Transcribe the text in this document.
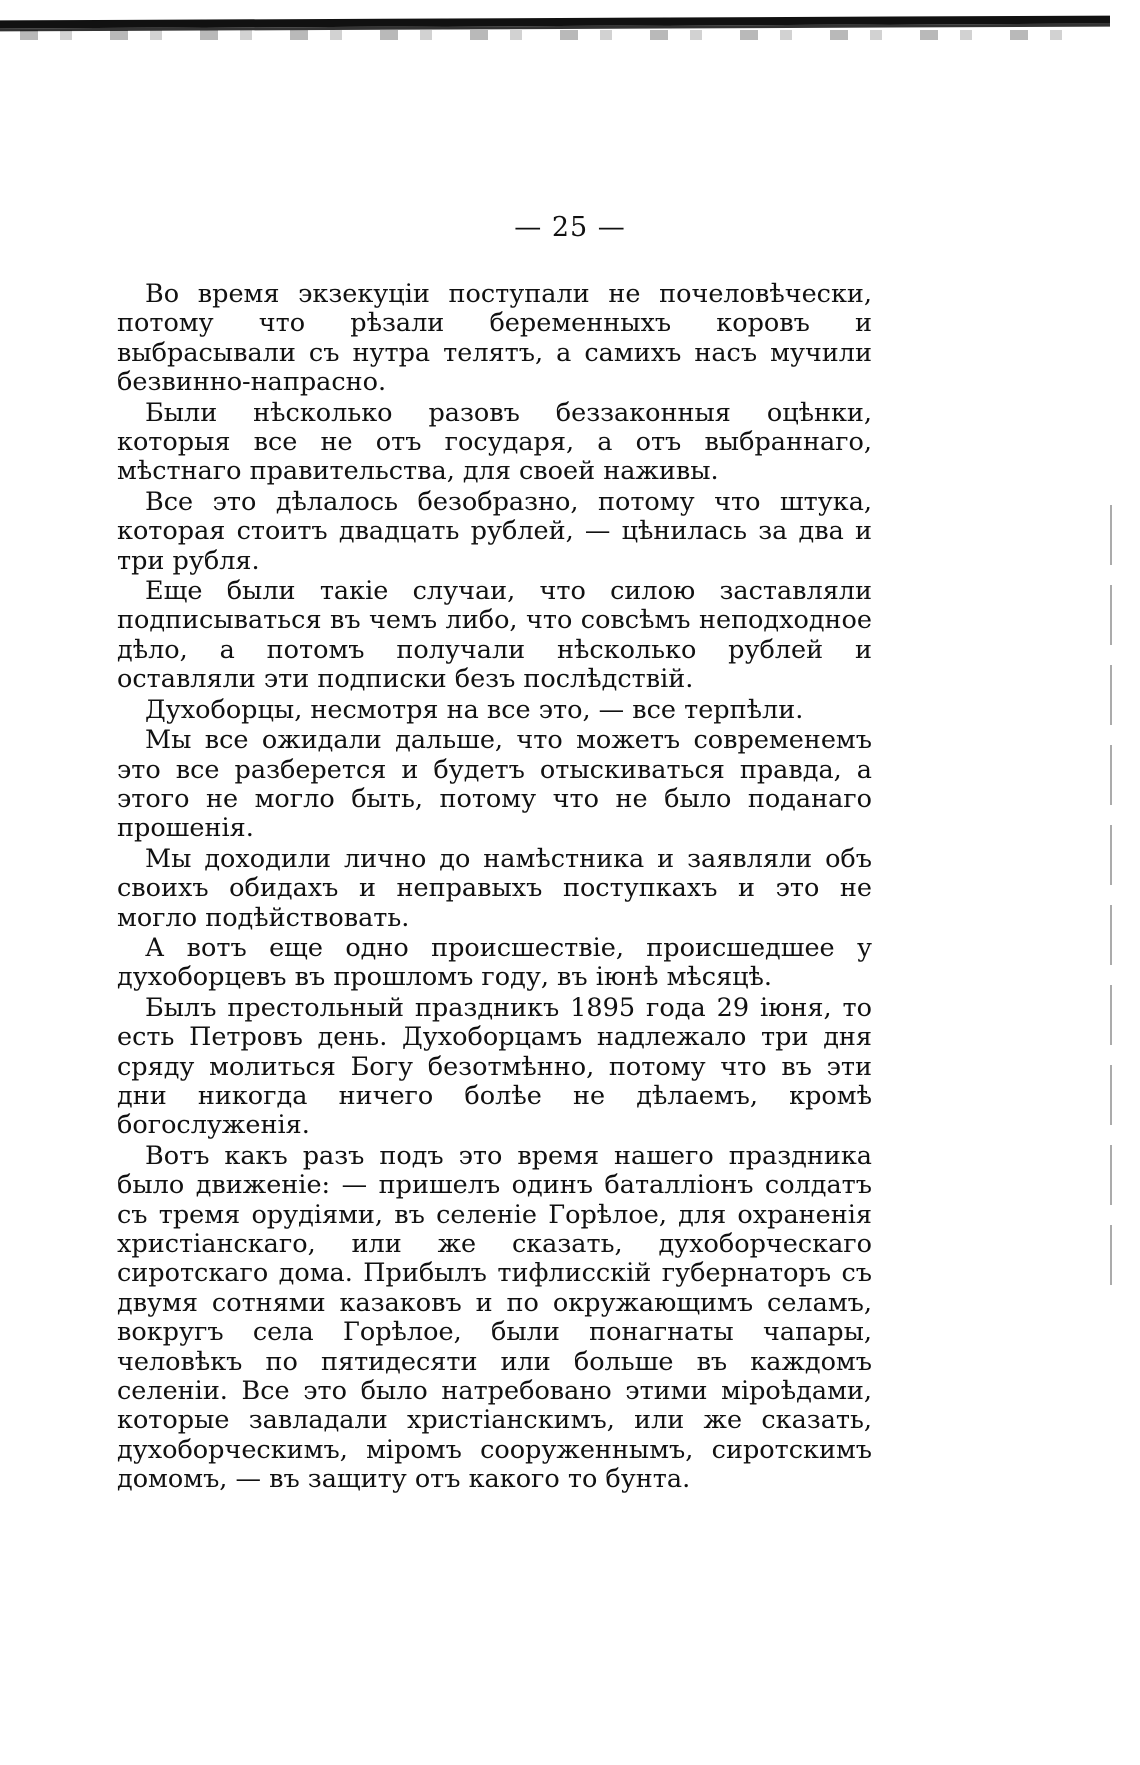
— 25 —

Во время экзекуціи поступали не почеловѣчески, потому что рѣзали беременныхъ коровъ и выбрасывали съ нутра телятъ, а самихъ насъ мучили безвинно-напрасно.

Были нѣсколько разовъ беззаконныя оцѣнки, которыя все не отъ государя, а отъ выбраннаго, мѣстнаго правительства, для своей наживы.

Все это дѣлалось безобразно, потому что штука, которая стоитъ двадцать рублей, — цѣнилась за два и три рубля.

Еще были такіе случаи, что силою заставляли подписываться въ чемъ либо, что совсѣмъ неподходное дѣло, а потомъ получали нѣсколько рублей и оставляли эти подписки безъ послѣдствій.

Духоборцы, несмотря на все это, — все терпѣли.

Мы все ожидали дальше, что можетъ современемъ это все разберется и будетъ отыскиваться правда, а этого не могло быть, потому что не было поданаго прошенія.

Мы доходили лично до намѣстника и заявляли объ своихъ обидахъ и неправыхъ поступкахъ и это не могло подѣйствовать.

А вотъ еще одно происшествіе, происшедшее у духоборцевъ въ прошломъ году, въ іюнѣ мѣсяцѣ.

Былъ престольный праздникъ 1895 года 29 іюня, то есть Петровъ день. Духоборцамъ надлежало три дня сряду молиться Богу безотмѣнно, потому что въ эти дни никогда ничего болѣе не дѣлаемъ, кромѣ богослуженія.

Вотъ какъ разъ подъ это время нашего праздника было движеніе: — пришелъ одинъ баталліонъ солдатъ съ тремя орудіями, въ селеніе Горѣлое, для охраненія христіанскаго, или же сказать, духоборческаго сиротскаго дома. Прибылъ тифлисскій губернаторъ съ двумя сотнями казаковъ и по окружающимъ селамъ, вокругъ села Горѣлое, были понагнаты чапары, человѣкъ по пятидесяти или больше въ каждомъ селеніи. Все это было натребовано этими міроѣдами, которые завладали христіанскимъ, или же сказать, духоборческимъ, міромъ сооруженнымъ, сиротскимъ домомъ, — въ защиту отъ какого то бунта.
